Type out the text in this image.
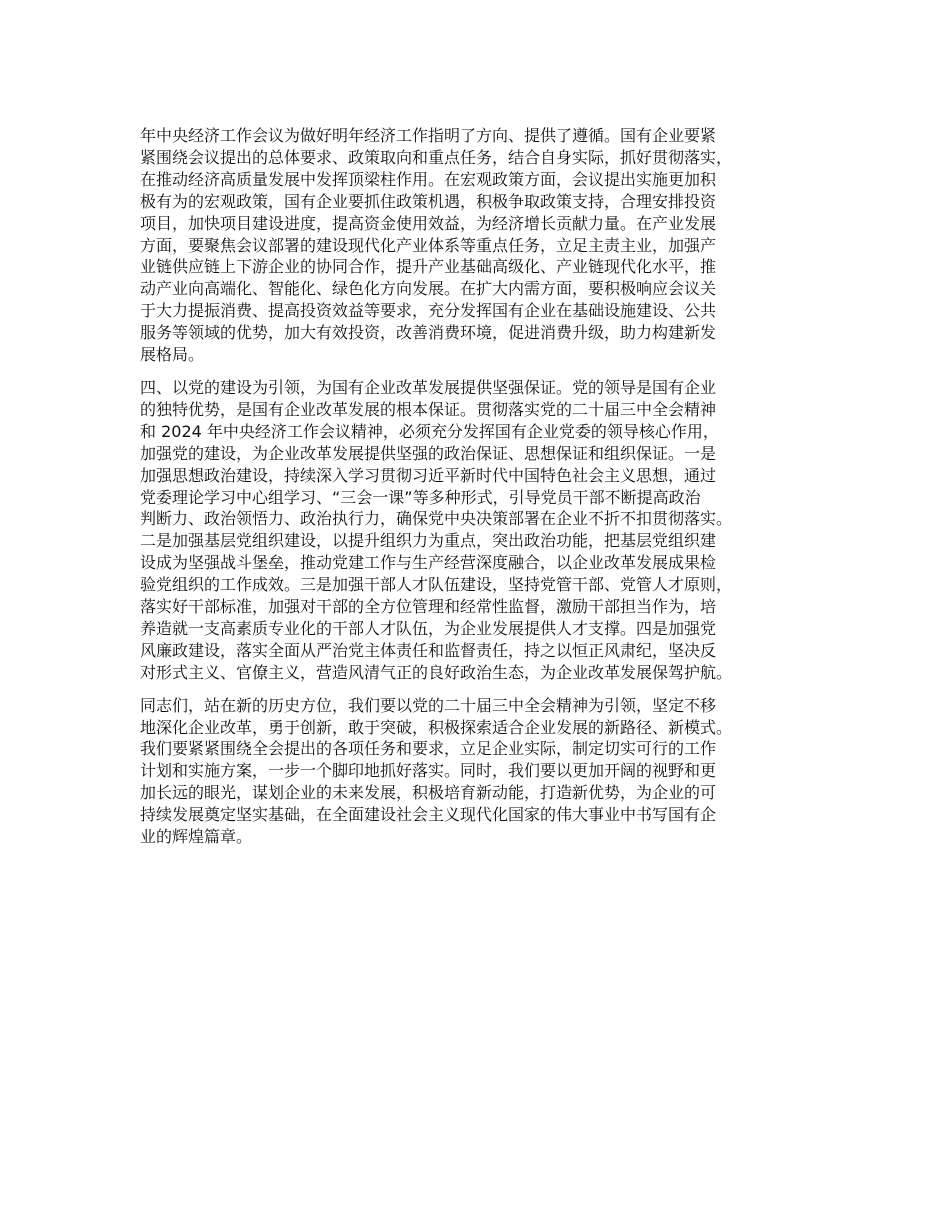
年中央经济工作会议为做好明年经济工作指明了方向、提供了遵循。国有企业要紧
紧围绕会议提出的总体要求、政策取向和重点任务，结合自身实际，抓好贯彻落实，
在推动经济高质量发展中发挥顶梁柱作用。在宏观政策方面，会议提出实施更加积
极有为的宏观政策，国有企业要抓住政策机遇，积极争取政策支持，合理安排投资
项目，加快项目建设进度，提高资金使用效益，为经济增长贡献力量。在产业发展
方面，要聚焦会议部署的建设现代化产业体系等重点任务，立足主责主业，加强产
业链供应链上下游企业的协同合作，提升产业基础高级化、产业链现代化水平，推
动产业向高端化、智能化、绿色化方向发展。在扩大内需方面，要积极响应会议关
于大力提振消费、提高投资效益等要求，充分发挥国有企业在基础设施建设、公共
服务等领域的优势，加大有效投资，改善消费环境，促进消费升级，助力构建新发
展格局。

四、以党的建设为引领，为国有企业改革发展提供坚强保证。党的领导是国有企业
的独特优势，是国有企业改革发展的根本保证。贯彻落实党的二十届三中全会精神
和 2024 年中央经济工作会议精神，必须充分发挥国有企业党委的领导核心作用，
加强党的建设，为企业改革发展提供坚强的政治保证、思想保证和组织保证。一是
加强思想政治建设，持续深入学习贯彻习近平新时代中国特色社会主义思想，通过
党委理论学习中心组学习、“三会一课”等多种形式，引导党员干部不断提高政治
判断力、政治领悟力、政治执行力，确保党中央决策部署在企业不折不扣贯彻落实。
二是加强基层党组织建设，以提升组织力为重点，突出政治功能，把基层党组织建
设成为坚强战斗堡垒，推动党建工作与生产经营深度融合，以企业改革发展成果检
验党组织的工作成效。三是加强干部人才队伍建设，坚持党管干部、党管人才原则，
落实好干部标准，加强对干部的全方位管理和经常性监督，激励干部担当作为，培
养造就一支高素质专业化的干部人才队伍，为企业发展提供人才支撑。四是加强党
风廉政建设，落实全面从严治党主体责任和监督责任，持之以恒正风肃纪，坚决反
对形式主义、官僚主义，营造风清气正的良好政治生态，为企业改革发展保驾护航。

同志们，站在新的历史方位，我们要以党的二十届三中全会精神为引领，坚定不移
地深化企业改革，勇于创新，敢于突破，积极探索适合企业发展的新路径、新模式。
我们要紧紧围绕全会提出的各项任务和要求，立足企业实际，制定切实可行的工作
计划和实施方案，一步一个脚印地抓好落实。同时，我们要以更加开阔的视野和更
加长远的眼光，谋划企业的未来发展，积极培育新动能，打造新优势，为企业的可
持续发展奠定坚实基础，在全面建设社会主义现代化国家的伟大事业中书写国有企
业的辉煌篇章。
